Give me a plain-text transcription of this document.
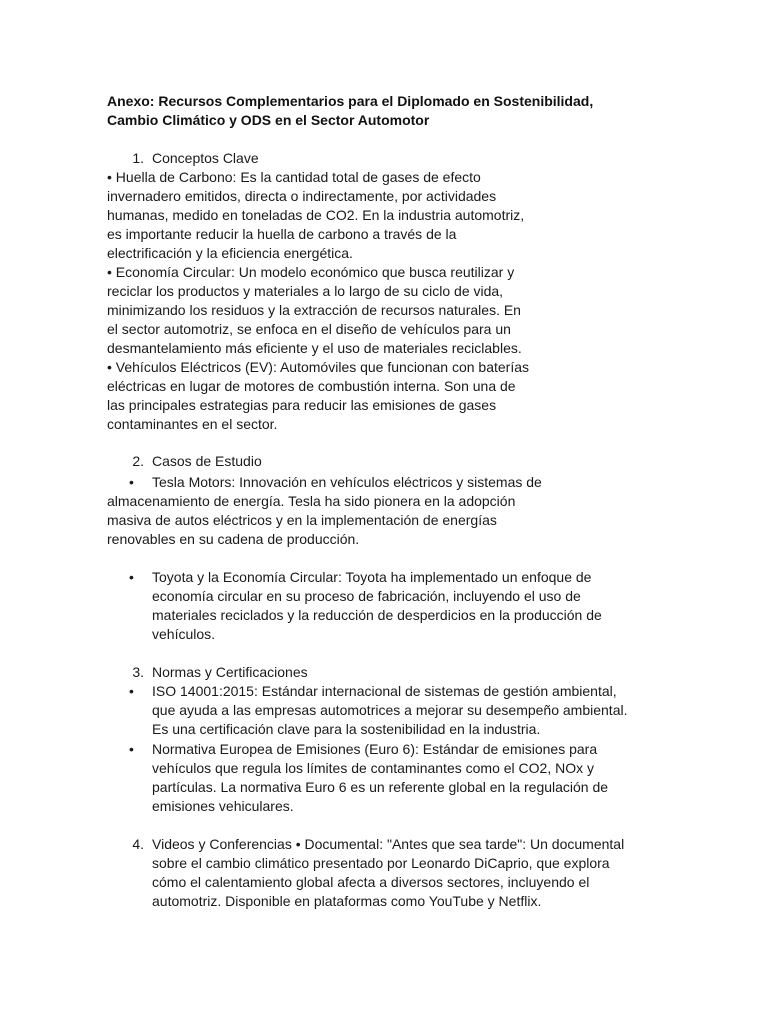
Anexo: Recursos Complementarios para el Diplomado en Sostenibilidad,
Cambio Climático y ODS en el Sector Automotor
1. Conceptos Clave
• Huella de Carbono: Es la cantidad total de gases de efecto
invernadero emitidos, directa o indirectamente, por actividades
humanas, medido en toneladas de CO2. En la industria automotriz,
es importante reducir la huella de carbono a través de la
electrificación y la eficiencia energética.
• Economía Circular: Un modelo económico que busca reutilizar y
reciclar los productos y materiales a lo largo de su ciclo de vida,
minimizando los residuos y la extracción de recursos naturales. En
el sector automotriz, se enfoca en el diseño de vehículos para un
desmantelamiento más eficiente y el uso de materiales reciclables.
• Vehículos Eléctricos (EV): Automóviles que funcionan con baterías
eléctricas en lugar de motores de combustión interna. Son una de
las principales estrategias para reducir las emisiones de gases
contaminantes en el sector.
2. Casos de Estudio
• Tesla Motors: Innovación en vehículos eléctricos y sistemas de
almacenamiento de energía. Tesla ha sido pionera en la adopción
masiva de autos eléctricos y en la implementación de energías
renovables en su cadena de producción.
• Toyota y la Economía Circular: Toyota ha implementado un enfoque de
economía circular en su proceso de fabricación, incluyendo el uso de
materiales reciclados y la reducción de desperdicios en la producción de
vehículos.
3. Normas y Certificaciones
• ISO 14001:2015: Estándar internacional de sistemas de gestión ambiental,
que ayuda a las empresas automotrices a mejorar su desempeño ambiental.
Es una certificación clave para la sostenibilidad en la industria.
• Normativa Europea de Emisiones (Euro 6): Estándar de emisiones para
vehículos que regula los límites de contaminantes como el CO2, NOx y
partículas. La normativa Euro 6 es un referente global en la regulación de
emisiones vehiculares.
4. Videos y Conferencias • Documental: "Antes que sea tarde": Un documental
sobre el cambio climático presentado por Leonardo DiCaprio, que explora
cómo el calentamiento global afecta a diversos sectores, incluyendo el
automotriz. Disponible en plataformas como YouTube y Netflix.
